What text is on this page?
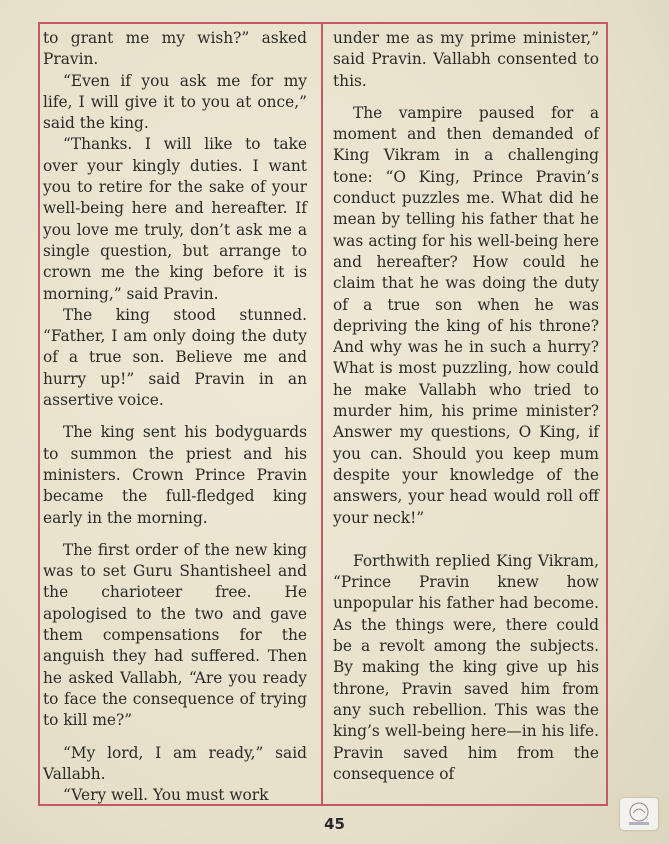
to grant me my wish?” asked Pravin.

“Even if you ask me for my life, I will give it to you at once,” said the king.

“Thanks. I will like to take over your kingly duties. I want you to retire for the sake of your well-being here and hereafter. If you love me truly, don’t ask me a single question, but arrange to crown me the king before it is morning,” said Pravin.

The king stood stunned. “Father, I am only doing the duty of a true son. Believe me and hurry up!” said Pravin in an assertive voice.

The king sent his bodyguards to summon the priest and his ministers. Crown Prince Pravin became the full-fledged king early in the morning.

The first order of the new king was to set Guru Shantisheel and the charioteer free. He apologised to the two and gave them compensations for the anguish they had suffered. Then he asked Vallabh, “Are you ready to face the consequence of trying to kill me?”

“My lord, I am ready,” said Vallabh.

“Very well. You must work

under me as my prime minister,” said Pravin. Vallabh consented to this.

The vampire paused for a moment and then demanded of King Vikram in a challenging tone: “O King, Prince Pravin’s conduct puzzles me. What did he mean by telling his father that he was acting for his well-being here and hereafter? How could he claim that he was doing the duty of a true son when he was depriving the king of his throne? And why was he in such a hurry? What is most puzzling, how could he make Vallabh who tried to murder him, his prime minister? Answer my questions, O King, if you can. Should you keep mum despite your knowledge of the answers, your head would roll off your neck!”

Forthwith replied King Vikram, “Prince Pravin knew how unpopular his father had become. As the things were, there could be a revolt among the subjects. By making the king give up his throne, Pravin saved him from any such rebellion. This was the king’s well-being here—in his life. Pravin saved him from the consequence of

45
